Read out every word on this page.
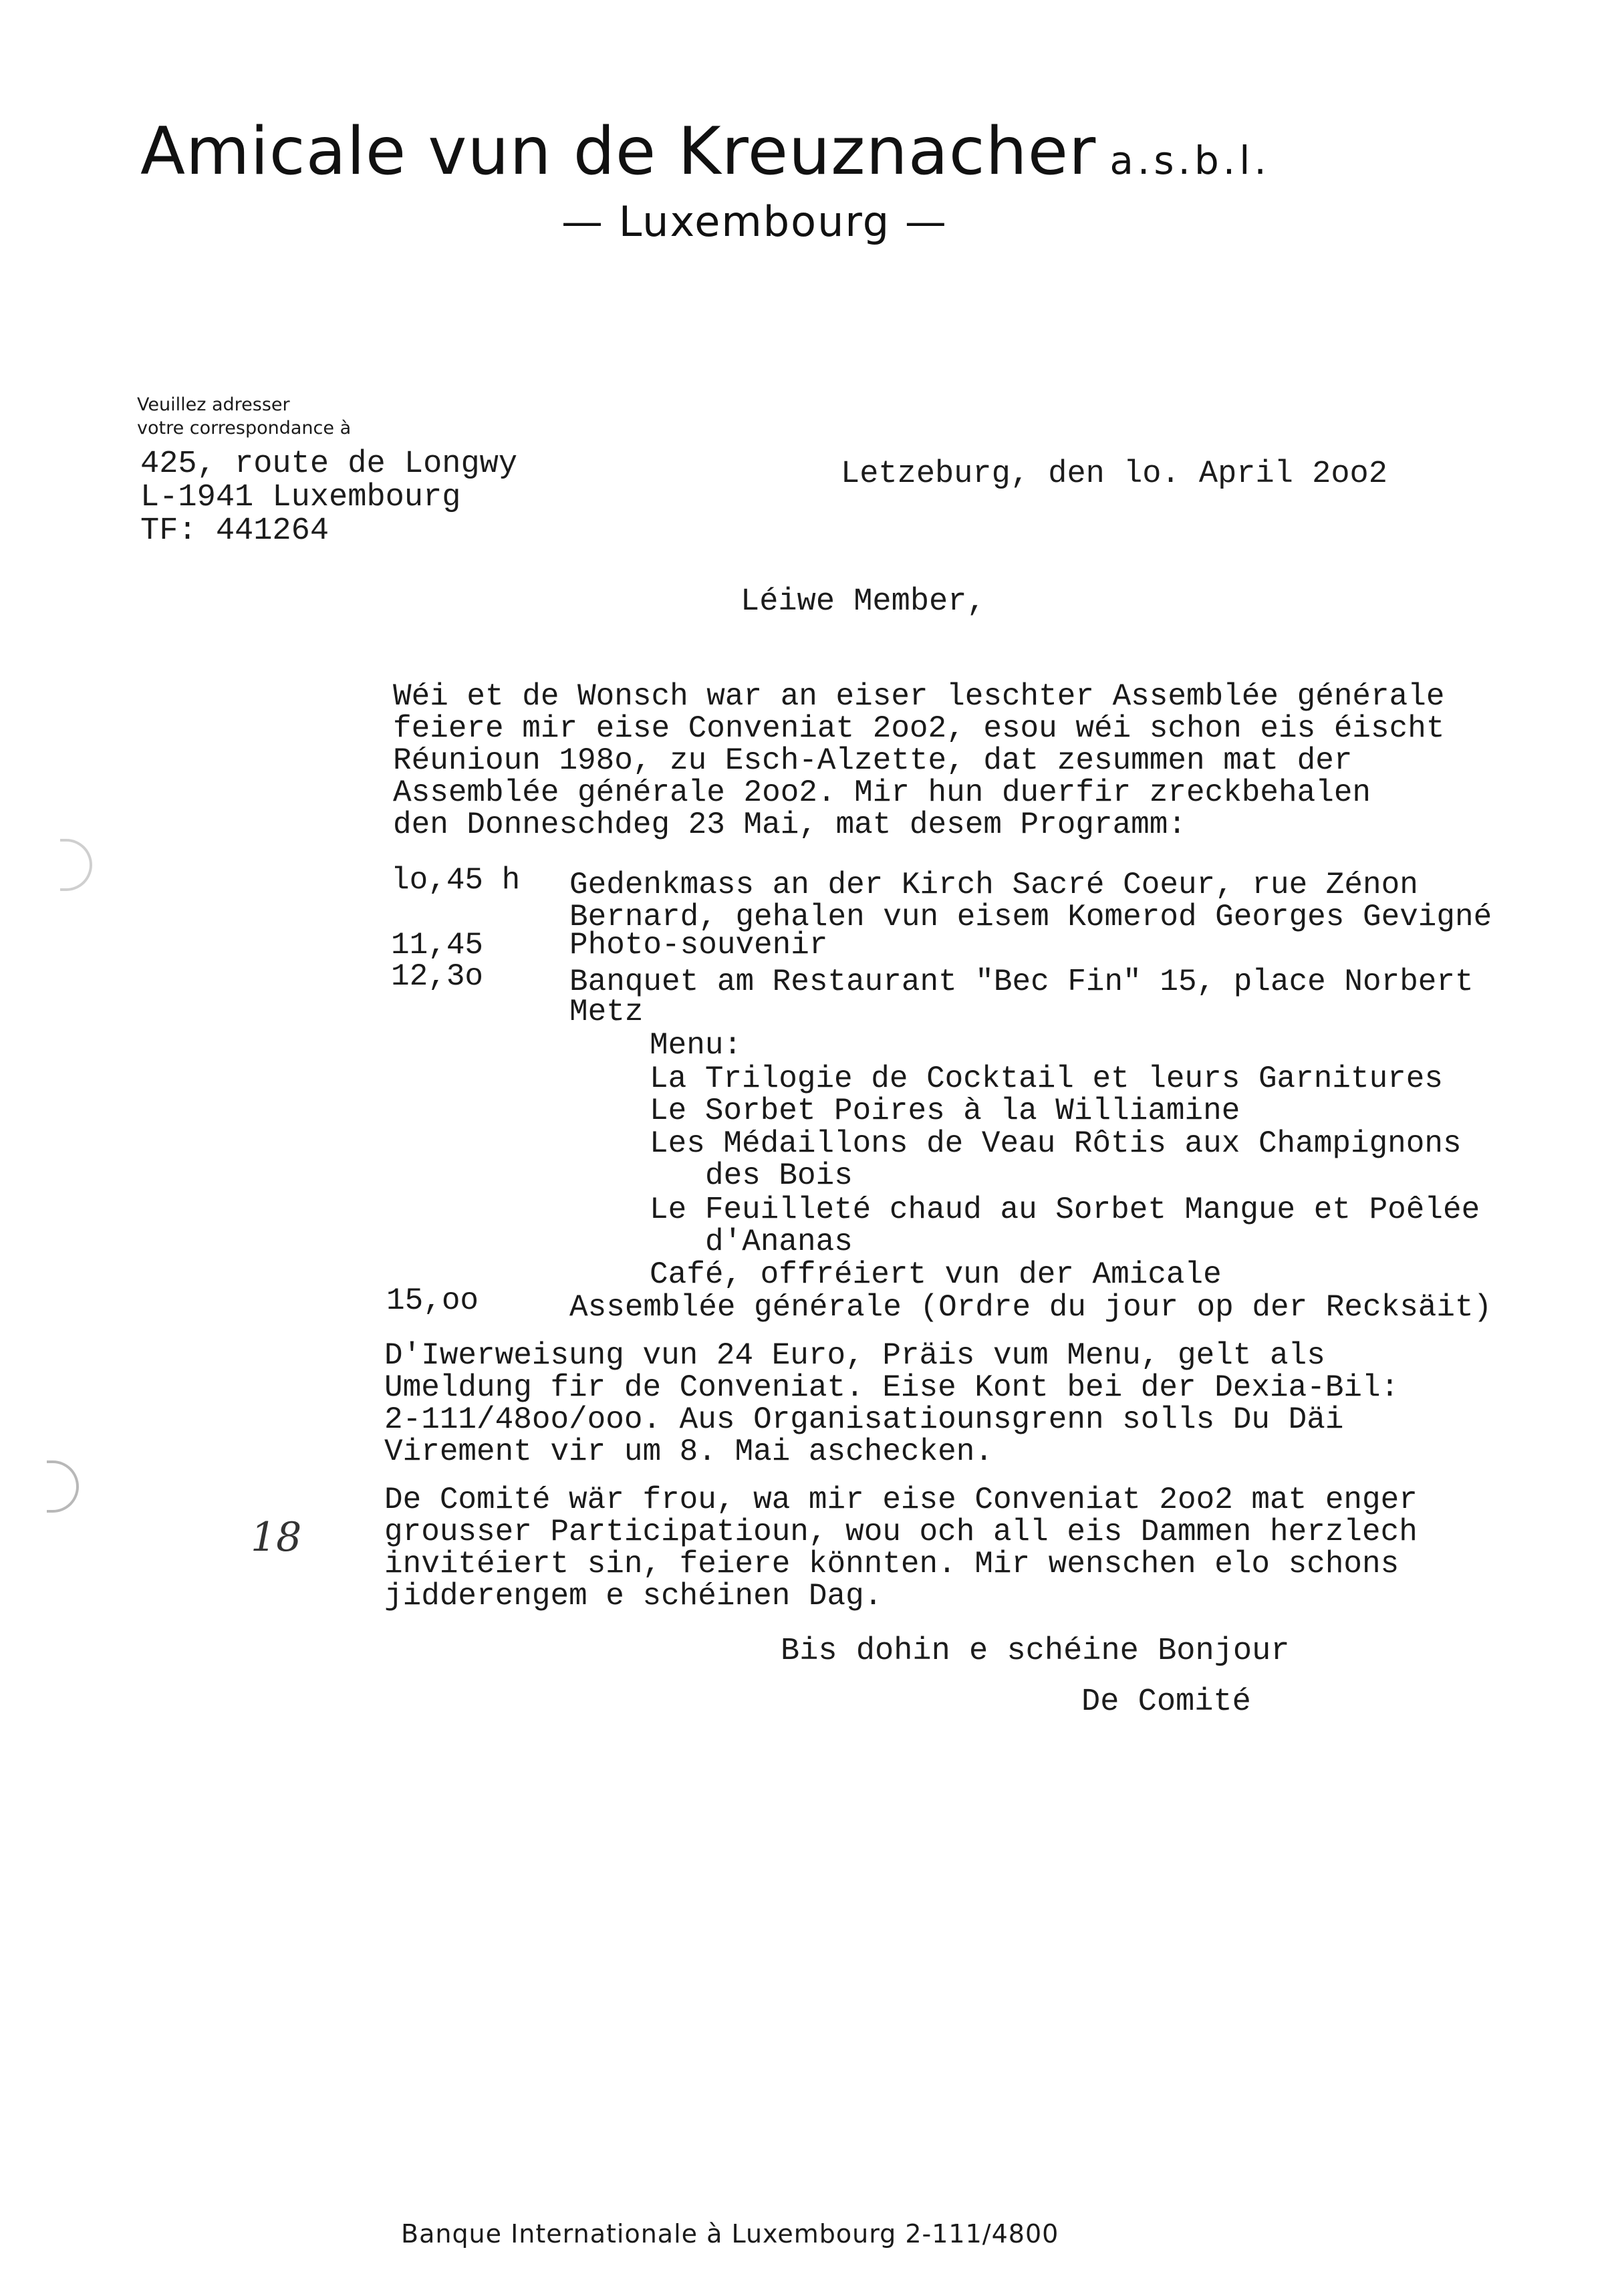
Amicale vun de Kreuznacher a.s.b.l.
— Luxembourg —
Veuillez adresser
votre correspondance à
425, route de Longwy
L-1941 Luxembourg
TF: 441264
Letzeburg, den lo. April 2oo2
Léiwe Member,
Wéi et de Wonsch war an eiser leschter Assemblée générale
feiere mir eise Conveniat 2oo2, esou wéi schon eis éischt
Réunioun 198o, zu Esch-Alzette, dat zesummen mat der
Assemblée générale 2oo2. Mir hun duerfir zreckbehalen
den Donneschdeg 23 Mai, mat desem Programm:
lo,45 h Gedenkmass an der Kirch Sacré Coeur, rue Zénon
Bernard, gehalen vun eisem Komerod Georges Gevigné
11,45	Photo-souvenir
12,3o	Banquet am Restaurant "Bec Fin" 15, place Norbert
Metz
Menu:
La Trilogie de Cocktail et leurs Garnitures
Le Sorbet Poires à la Williamine
Les Médaillons de Veau Rôtis aux Champignons
des Bois
Le Feuilleté chaud au Sorbet Mangue et Poêlée
d'Ananas
Café, offréiert vun der Amicale
15,oo	Assemblée générale (Ordre du jour op der Recksäit)
D'Iwerweisung vun 24 Euro, Präis vum Menu, gelt als
Umeldung fir de Conveniat. Eise Kont bei der Dexia-Bil:
2-111/48oo/ooo. Aus Organisatiounsgrenn solls Du Däi
Virement vir um 8. Mai aschecken.
De Comité wär frou, wa mir eise Conveniat 2oo2 mat enger
grousser Participatioun, wou och all eis Dammen herzlech
invitéiert sin, feiere könnten. Mir wenschen elo schons
jidderengem e schéinen Dag.
Bis dohin e schéine Bonjour
De Comité
18
Banque Internationale à Luxembourg 2-111/4800
